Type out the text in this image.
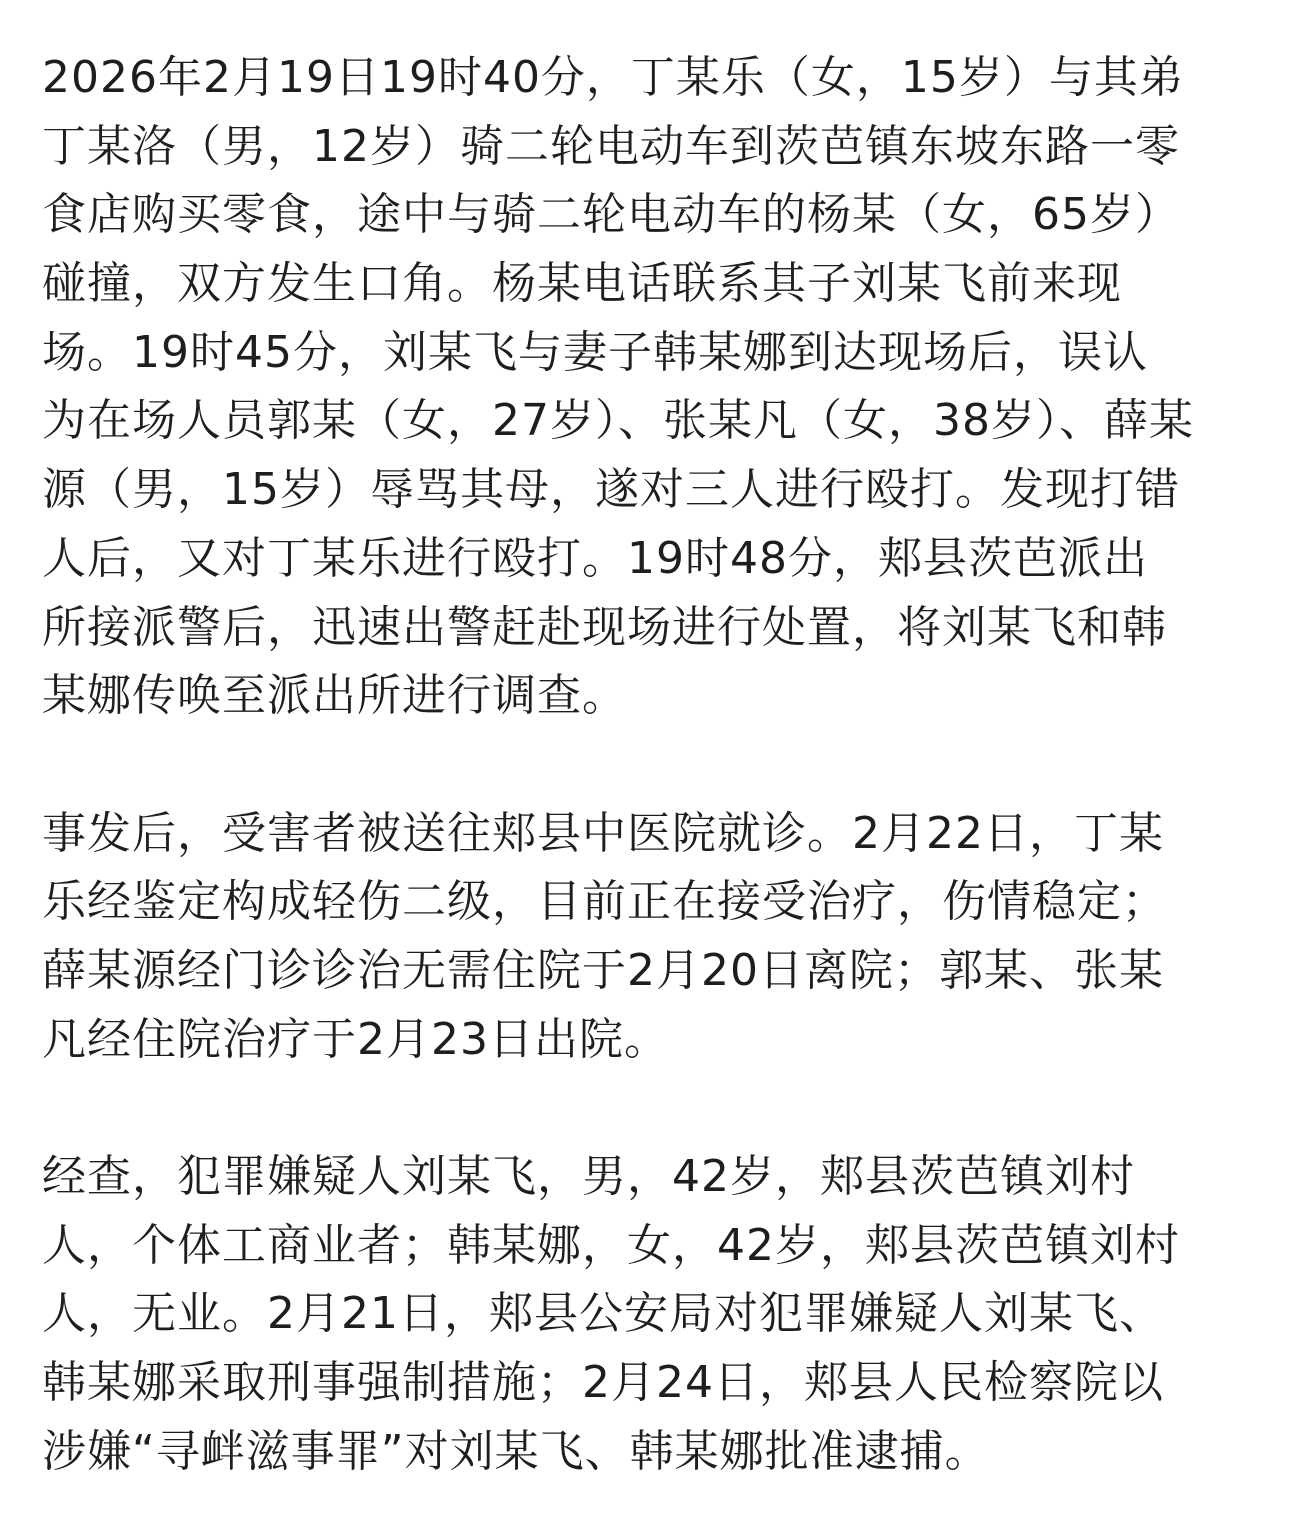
2026年2月19日19时40分，丁某乐（女，15岁）与其弟
丁某洛（男，12岁）骑二轮电动车到茨芭镇东坡东路一零
食店购买零食，途中与骑二轮电动车的杨某（女，65岁）
碰撞，双方发生口角。杨某电话联系其子刘某飞前来现
场。19时45分，刘某飞与妻子韩某娜到达现场后，误认
为在场人员郭某（女，27岁）、张某凡（女，38岁）、薛某
源（男，15岁）辱骂其母，遂对三人进行殴打。发现打错
人后，又对丁某乐进行殴打。19时48分，郏县茨芭派出
所接派警后，迅速出警赶赴现场进行处置，将刘某飞和韩
某娜传唤至派出所进行调查。
事发后，受害者被送往郏县中医院就诊。2月22日，丁某
乐经鉴定构成轻伤二级，目前正在接受治疗，伤情稳定；
薛某源经门诊诊治无需住院于2月20日离院；郭某、张某
凡经住院治疗于2月23日出院。
经查，犯罪嫌疑人刘某飞，男，42岁，郏县茨芭镇刘村
人，个体工商业者；韩某娜，女，42岁，郏县茨芭镇刘村
人，无业。2月21日，郏县公安局对犯罪嫌疑人刘某飞、
韩某娜采取刑事强制措施；2月24日，郏县人民检察院以
涉嫌“寻衅滋事罪”对刘某飞、韩某娜批准逮捕。
